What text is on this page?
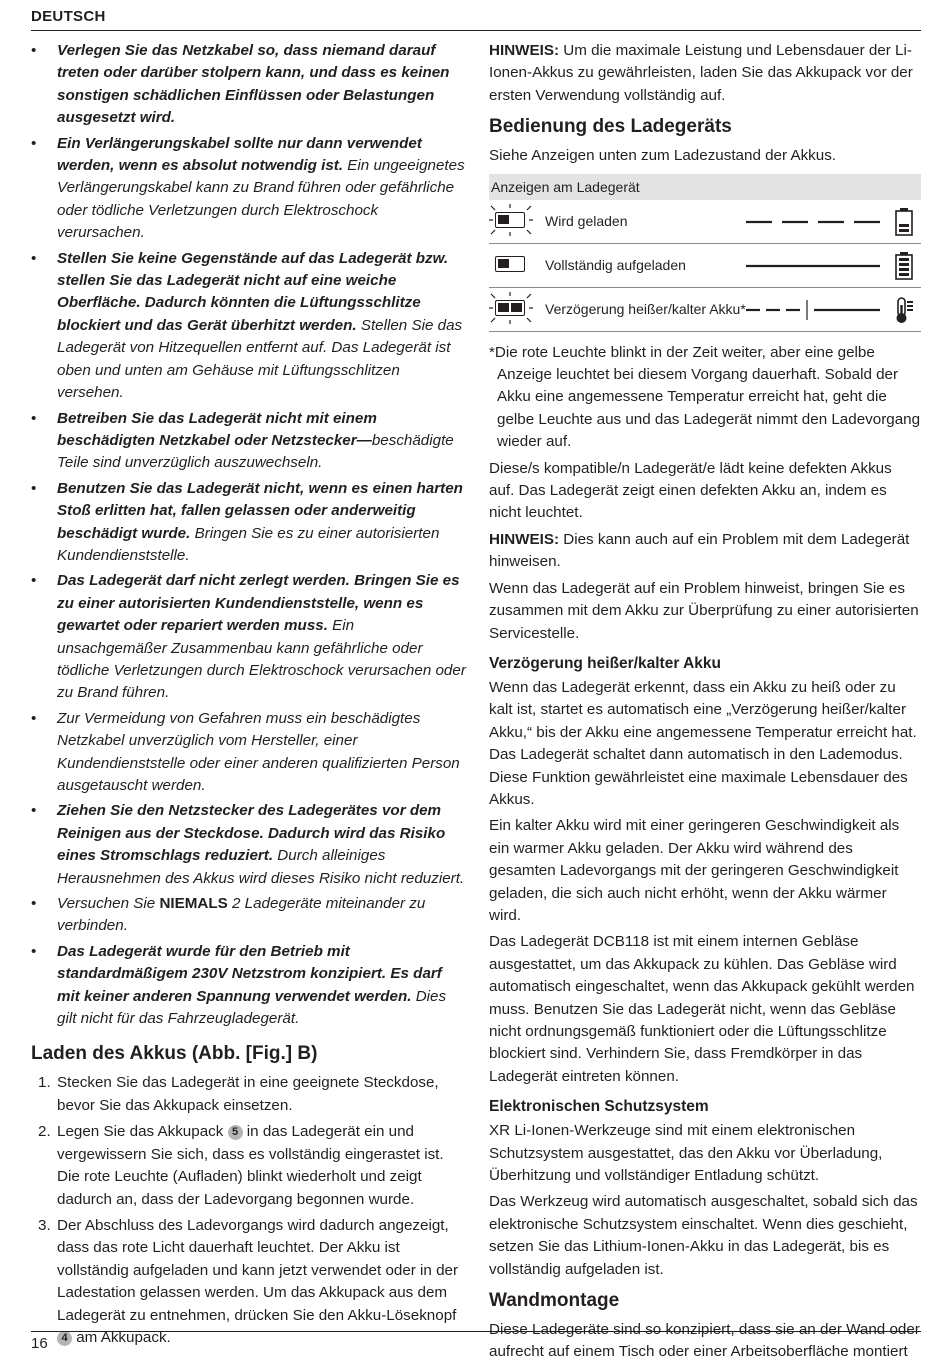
DEUTSCH
• Verlegen Sie das Netzkabel so, dass niemand darauf treten oder darüber stolpern kann, und dass es keinen sonstigen schädlichen Einflüssen oder Belastungen ausgesetzt wird.
• Ein Verlängerungskabel sollte nur dann verwendet werden, wenn es absolut notwendig ist. Ein ungeeignetes Verlängerungskabel kann zu Brand führen oder gefährliche oder tödliche Verletzungen durch Elektroschock verursachen.
• Stellen Sie keine Gegenstände auf das Ladegerät bzw. stellen Sie das Ladegerät nicht auf eine weiche Oberfläche. Dadurch könnten die Lüftungsschlitze blockiert und das Gerät überhitzt werden. Stellen Sie das Ladegerät von Hitzequellen entfernt auf. Das Ladegerät ist oben und unten am Gehäuse mit Lüftungsschlitzen versehen.
• Betreiben Sie das Ladegerät nicht mit einem beschädigten Netzkabel oder Netzstecker—beschädigte Teile sind unverzüglich auszuwechseln.
• Benutzen Sie das Ladegerät nicht, wenn es einen harten Stoß erlitten hat, fallen gelassen oder anderweitig beschädigt wurde. Bringen Sie es zu einer autorisierten Kundendienststelle.
• Das Ladegerät darf nicht zerlegt werden. Bringen Sie es zu einer autorisierten Kundendienststelle, wenn es gewartet oder repariert werden muss. Ein unsachgemäßer Zusammenbau kann gefährliche oder tödliche Verletzungen durch Elektroschock verursachen oder zu Brand führen.
• Zur Vermeidung von Gefahren muss ein beschädigtes Netzkabel unverzüglich vom Hersteller, einer Kundendienststelle oder einer anderen qualifizierten Person ausgetauscht werden.
• Ziehen Sie den Netzstecker des Ladegerätes vor dem Reinigen aus der Steckdose. Dadurch wird das Risiko eines Stromschlags reduziert. Durch alleiniges Herausnehmen des Akkus wird dieses Risiko nicht reduziert.
• Versuchen Sie NIEMALS 2 Ladegeräte miteinander zu verbinden.
• Das Ladegerät wurde für den Betrieb mit standardmäßigem 230V Netzstrom konzipiert. Es darf mit keiner anderen Spannung verwendet werden. Dies gilt nicht für das Fahrzeugladegerät.
Laden des Akkus (Abb. [Fig.] B)
1. Stecken Sie das Ladegerät in eine geeignete Steckdose, bevor Sie das Akkupack einsetzen.
2. Legen Sie das Akkupack 5 in das Ladegerät ein und vergewissern Sie sich, dass es vollständig eingerastet ist. Die rote Leuchte (Aufladen) blinkt wiederholt und zeigt dadurch an, dass der Ladevorgang begonnen wurde.
3. Der Abschluss des Ladevorgangs wird dadurch angezeigt, dass das rote Licht dauerhaft leuchtet. Der Akku ist vollständig aufgeladen und kann jetzt verwendet oder in der Ladestation gelassen werden. Um das Akkupack aus dem Ladegerät zu entnehmen, drücken Sie den Akku-Löseknopf 4 am Akkupack.

HINWEIS: Um die maximale Leistung und Lebensdauer der Li-Ionen-Akkus zu gewährleisten, laden Sie das Akkupack vor der ersten Verwendung vollständig auf.

Bedienung des Ladegeräts

Siehe Anzeigen unten zum Ladezustand der Akkus.

Anzeigen am Ladegerät
Wird geladen
Vollständig aufgeladen
Verzögerung heißer/kalter Akku*

*Die rote Leuchte blinkt in der Zeit weiter, aber eine gelbe Anzeige leuchtet bei diesem Vorgang dauerhaft. Sobald der Akku eine angemessene Temperatur erreicht hat, geht die gelbe Leuchte aus und das Ladegerät nimmt den Ladevorgang wieder auf.

Diese/s kompatible/n Ladegerät/e lädt keine defekten Akkus auf. Das Ladegerät zeigt einen defekten Akku an, indem es nicht leuchtet.

HINWEIS: Dies kann auch auf ein Problem mit dem Ladegerät hinweisen.

Wenn das Ladegerät auf ein Problem hinweist, bringen Sie es zusammen mit dem Akku zur Überprüfung zu einer autorisierten Servicestelle.

Verzögerung heißer/kalter Akku

Wenn das Ladegerät erkennt, dass ein Akku zu heiß oder zu kalt ist, startet es automatisch eine „Verzögerung heißer/kalter Akku,“ bis der Akku eine angemessene Temperatur erreicht hat. Das Ladegerät schaltet dann automatisch in den Lademodus. Diese Funktion gewährleistet eine maximale Lebensdauer des Akkus.

Ein kalter Akku wird mit einer geringeren Geschwindigkeit als ein warmer Akku geladen. Der Akku wird während des gesamten Ladevorgangs mit der geringeren Geschwindigkeit geladen, die sich auch nicht erhöht, wenn der Akku wärmer wird.

Das Ladegerät DCB118 ist mit einem internen Gebläse ausgestattet, um das Akkupack zu kühlen. Das Gebläse wird automatisch eingeschaltet, wenn das Akkupack gekühlt werden muss. Benutzen Sie das Ladegerät nicht, wenn das Gebläse nicht ordnungsgemäß funktioniert oder die Lüftungsschlitze blockiert sind. Verhindern Sie, dass Fremdkörper in das Ladegerät eintreten können.

Elektronischen Schutzsystem

XR Li-Ionen-Werkzeuge sind mit einem elektronischen Schutzsystem ausgestattet, das den Akku vor Überladung, Überhitzung und vollständiger Entladung schützt.

Das Werkzeug wird automatisch ausgeschaltet, sobald sich das elektronische Schutzsystem einschaltet. Wenn dies geschieht, setzen Sie das Lithium-Ionen-Akku in das Ladegerät, bis es vollständig aufgeladen ist.

Wandmontage

Diese Ladegeräte sind so konzipiert, dass sie an der Wand oder aufrecht auf einem Tisch oder einer Arbeitsoberfläche montiert

16
